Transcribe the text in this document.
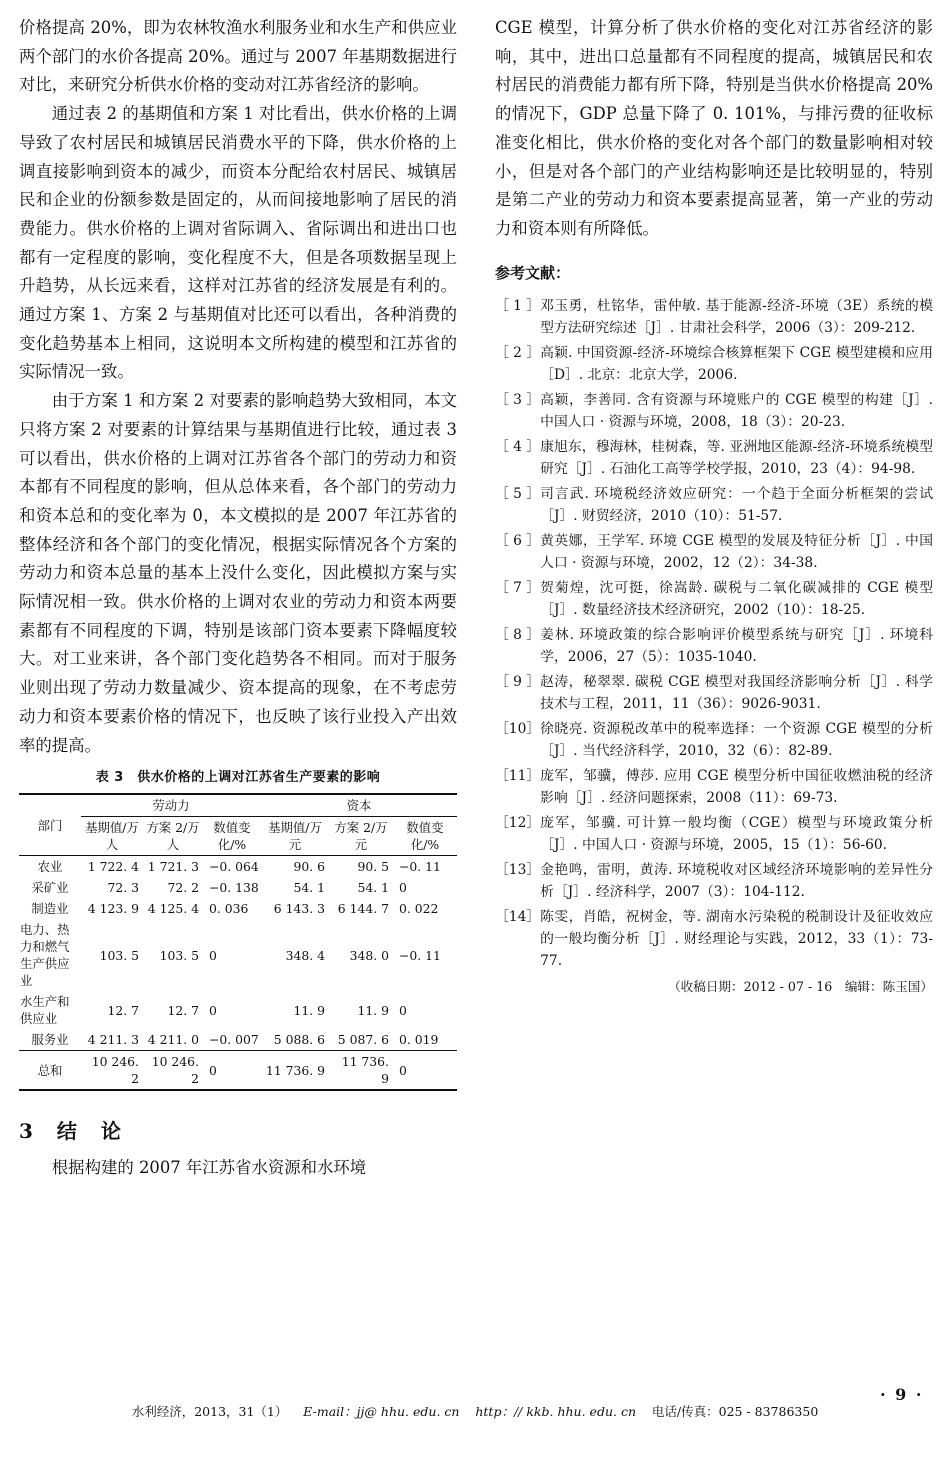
价格提高 20%，即为农林牧渔水利服务业和水生产和供应业两个部门的水价各提高 20%。通过与 2007 年基期数据进行对比，来研究分析供水价格的变动对江苏省经济的影响。

通过表 2 的基期值和方案 1 对比看出，供水价格的上调导致了农村居民和城镇居民消费水平的下降，供水价格的上调直接影响到资本的减少，而资本分配给农村居民、城镇居民和企业的份额参数是固定的，从而间接地影响了居民的消费能力。供水价格的上调对省际调入、省际调出和进出口也都有一定程度的影响，变化程度不大，但是各项数据呈现上升趋势，从长远来看，这样对江苏省的经济发展是有利的。通过方案 1、方案 2 与基期值对比还可以看出，各种消费的变化趋势基本上相同，这说明本文所构建的模型和江苏省的实际情况一致。

由于方案 1 和方案 2 对要素的影响趋势大致相同，本文只将方案 2 对要素的计算结果与基期值进行比较，通过表 3 可以看出，供水价格的上调对江苏省各个部门的劳动力和资本都有不同程度的影响，但从总体来看，各个部门的劳动力和资本总和的变化率为 0，本文模拟的是 2007 年江苏省的整体经济和各个部门的变化情况，根据实际情况各个方案的劳动力和资本总量的基本上没什么变化，因此模拟方案与实际情况相一致。供水价格的上调对农业的劳动力和资本两要素都有不同程度的下调，特别是该部门资本要素下降幅度较大。对工业来讲，各个部门变化趋势各不相同。而对于服务业则出现了劳动力数量减少、资本提高的现象，在不考虑劳动力和资本要素价格的情况下，也反映了该行业投入产出效率的提高。

表 3　供水价格的上调对江苏省生产要素的影响
部门	劳动力			资本		
	基期值/万人	方案 2/万人	数值变化/%	基期值/万元	方案 2/万元	数值变化/%
农业	1 722. 4	1 721. 3	−0. 064	90. 6	90. 5	−0. 11
采矿业	72. 3	72. 2	−0. 138	54. 1	54. 1	0
制造业	4 123. 9	4 125. 4	0. 036	6 143. 3	6 144. 7	0. 022
电力、热力和燃气生产供应业	103. 5	103. 5	0	348. 4	348. 0	−0. 11
水生产和供应业	12. 7	12. 7	0	11. 9	11. 9	0
服务业	4 211. 3	4 211. 0	−0. 007	5 088. 6	5 087. 6	0. 019
总和	10 246. 2	10 246. 2	0	11 736. 9	11 736. 9	0
3 结　论

根据构建的 2007 年江苏省水资源和水环境

CGE 模型，计算分析了供水价格的变化对江苏省经济的影响，其中，进出口总量都有不同程度的提高，城镇居民和农村居民的消费能力都有所下降，特别是当供水价格提高 20% 的情况下，GDP 总量下降了 0. 101%，与排污费的征收标准变化相比，供水价格的变化对各个部门的数量影响相对较小，但是对各个部门的产业结构影响还是比较明显的，特别是第二产业的劳动力和资本要素提高显著，第一产业的劳动力和资本则有所降低。

参考文献：
［ 1 ］ 邓玉勇，杜铭华，雷仲敏. 基于能源-经济-环境（3E）系统的模型方法研究综述［J］. 甘肃社会科学，2006（3）：209-212.
［ 2 ］ 高颖. 中国资源-经济-环境综合核算框架下 CGE 模型建模和应用［D］. 北京：北京大学，2006.
［ 3 ］ 高颖，李善同. 含有资源与环境账户的 CGE 模型的构建［J］. 中国人口 · 资源与环境，2008，18（3）：20-23.
［ 4 ］ 康旭东，穆海林，桂树森，等. 亚洲地区能源-经济-环境系统模型研究［J］. 石油化工高等学校学报，2010，23（4）：94-98.
［ 5 ］ 司言武. 环境税经济效应研究：一个趋于全面分析框架的尝试［J］. 财贸经济，2010（10）：51-57.
［ 6 ］ 黄英娜，王学军. 环境 CGE 模型的发展及特征分析［J］. 中国人口 · 资源与环境，2002，12（2）：34-38.
［ 7 ］ 贺菊煌，沈可挺，徐嵩龄. 碳税与二氧化碳减排的 CGE 模型［J］. 数量经济技术经济研究，2002（10）：18-25.
［ 8 ］ 姜林. 环境政策的综合影响评价模型系统与研究［J］. 环境科学，2006，27（5）：1035-1040.
［ 9 ］ 赵涛，秘翠翠. 碳税 CGE 模型对我国经济影响分析［J］. 科学技术与工程，2011，11（36）：9026-9031.
［10］ 徐晓亮. 资源税改革中的税率选择：一个资源 CGE 模型的分析［J］. 当代经济科学，2010，32（6）：82-89.
［11］ 庞军，邹骥，傅莎. 应用 CGE 模型分析中国征收燃油税的经济影响［J］. 经济问题探索，2008（11）：69-73.
［12］ 庞军，邹骥. 可计算一般均衡（CGE）模型与环境政策分析［J］. 中国人口 · 资源与环境，2005，15（1）：56-60.
［13］ 金艳鸣，雷明，黄涛. 环境税收对区域经济环境影响的差异性分析［J］. 经济科学，2007（3）：104-112.
［14］ 陈雯，肖皓，祝树金，等. 湖南水污染税的税制设计及征收效应的一般均衡分析［J］. 财经理论与实践，2012，33（1）：73-77.
（收稿日期：2012 - 07 - 16　编辑：陈玉国）
· 9 ·
水利经济，2013，31（1） E-mail：jj@ hhu. edu. cn http：// kkb. hhu. edu. cn 电话/传真：025 - 83786350
